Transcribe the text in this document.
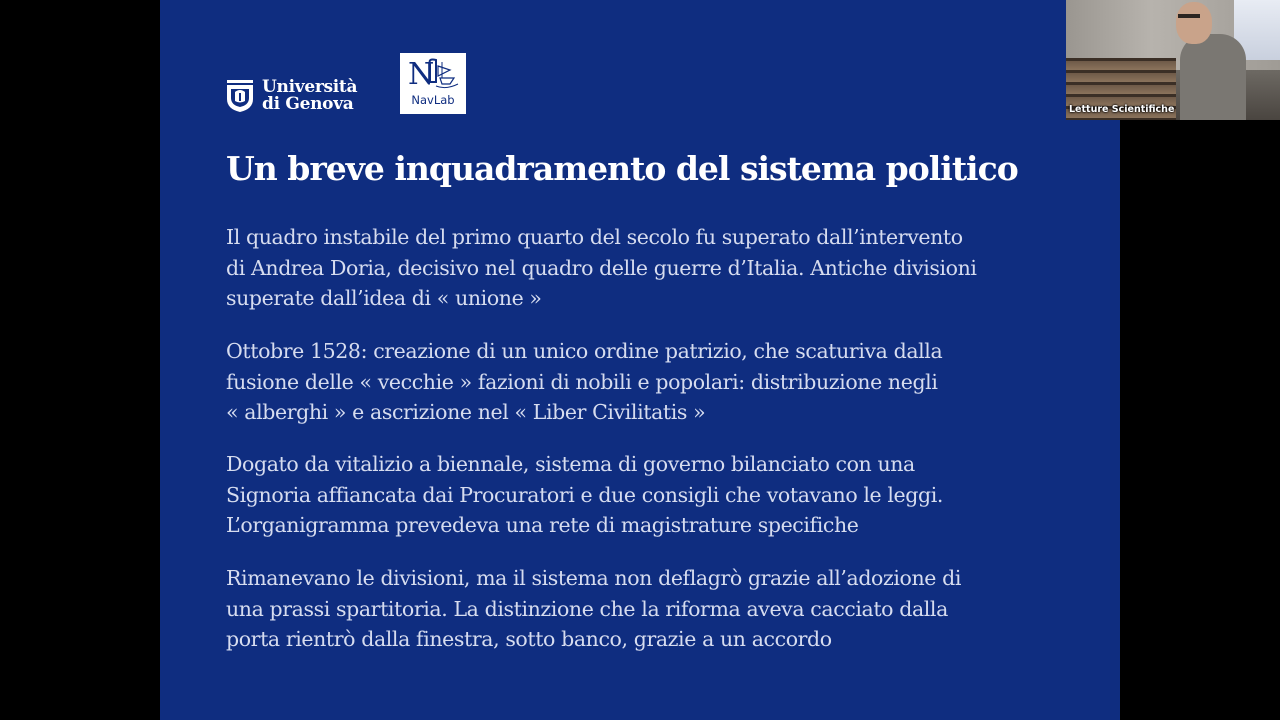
Università
di Genova
N
NavLab
Un breve inquadramento del sistema politico

Il quadro instabile del primo quarto del secolo fu superato dall’intervento
di Andrea Doria, decisivo nel quadro delle guerre d’Italia. Antiche divisioni
superate dall’idea di « unione »

Ottobre 1528: creazione di un unico ordine patrizio, che scaturiva dalla
fusione delle « vecchie » fazioni di nobili e popolari: distribuzione negli
« alberghi » e ascrizione nel « Liber Civilitatis »

Dogato da vitalizio a biennale, sistema di governo bilanciato con una
Signoria affiancata dai Procuratori e due consigli che votavano le leggi.
L’organigramma prevedeva una rete di magistrature specifiche

Rimanevano le divisioni, ma il sistema non deflagrò grazie all’adozione di
una prassi spartitoria. La distinzione che la riforma aveva cacciato dalla
porta rientrò dalla finestra, sotto banco, grazie a un accordo

Letture Scientifiche
